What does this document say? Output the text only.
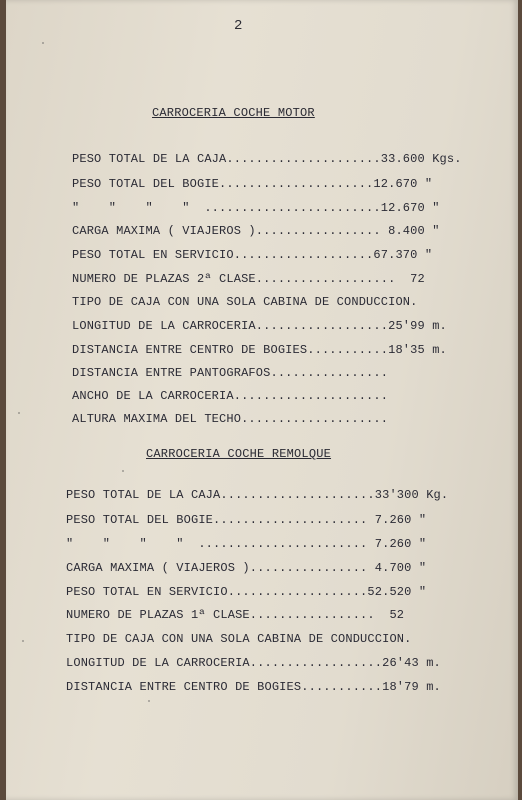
2
CARROCERIA COCHE MOTOR
PESO TOTAL DE LA CAJA.....................33.600 Kgs.
PESO TOTAL DEL BOGIE.....................12.670 "
"    "    "    "  ........................12.670 "
CARGA MAXIMA ( VIAJEROS )................. 8.400 "
PESO TOTAL EN SERVICIO...................67.370 "
NUMERO DE PLAZAS 2ª CLASE...................  72
TIPO DE CAJA CON UNA SOLA CABINA DE CONDUCCION.
LONGITUD DE LA CARROCERIA..................25'99 m.
DISTANCIA ENTRE CENTRO DE BOGIES...........18'35 m.
DISTANCIA ENTRE PANTOGRAFOS................
ANCHO DE LA CARROCERIA.....................
ALTURA MAXIMA DEL TECHO....................
CARROCERIA COCHE REMOLQUE
PESO TOTAL DE LA CAJA.....................33'300 Kg.
PESO TOTAL DEL BOGIE..................... 7.260 "
"    "    "    "  ....................... 7.260 "
CARGA MAXIMA ( VIAJEROS )................ 4.700 "
PESO TOTAL EN SERVICIO...................52.520 "
NUMERO DE PLAZAS 1ª CLASE.................  52
TIPO DE CAJA CON UNA SOLA CABINA DE CONDUCCION.
LONGITUD DE LA CARROCERIA..................26'43 m.
DISTANCIA ENTRE CENTRO DE BOGIES...........18'79 m.
